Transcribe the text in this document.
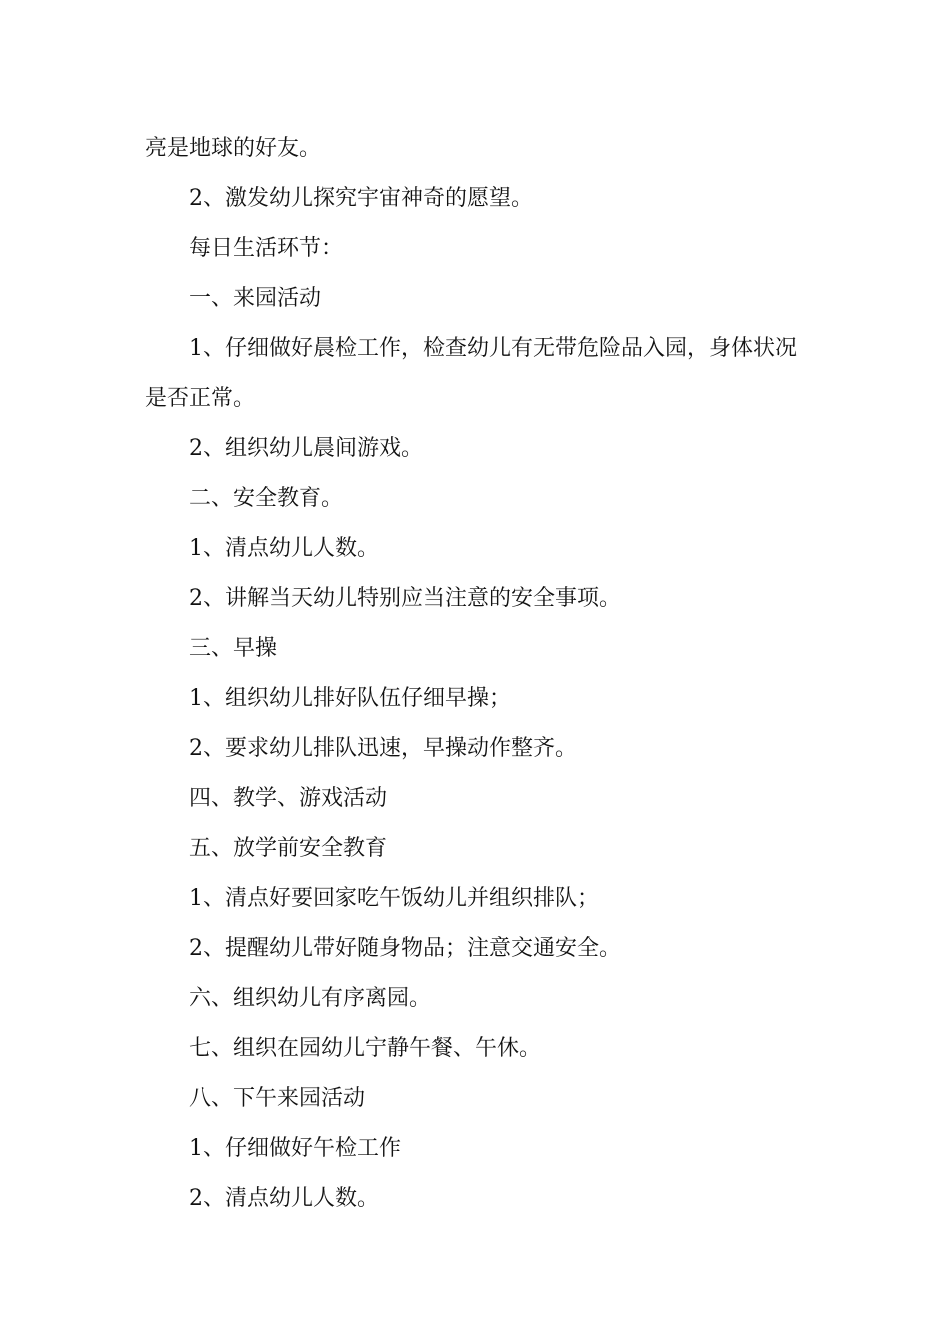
亮是地球的好友。
2、激发幼儿探究宇宙神奇的愿望。
每日生活环节：
一、来园活动
1、仔细做好晨检工作，检查幼儿有无带危险品入园，身体状况
是否正常。
2、组织幼儿晨间游戏。
二、安全教育。
1、清点幼儿人数。
2、讲解当天幼儿特别应当注意的安全事项。
三、早操
1、组织幼儿排好队伍仔细早操；
2、要求幼儿排队迅速，早操动作整齐。
四、教学、游戏活动
五、放学前安全教育
1、清点好要回家吃午饭幼儿并组织排队；
2、提醒幼儿带好随身物品；注意交通安全。
六、组织幼儿有序离园。
七、组织在园幼儿宁静午餐、午休。
八、下午来园活动
1、仔细做好午检工作
2、清点幼儿人数。
